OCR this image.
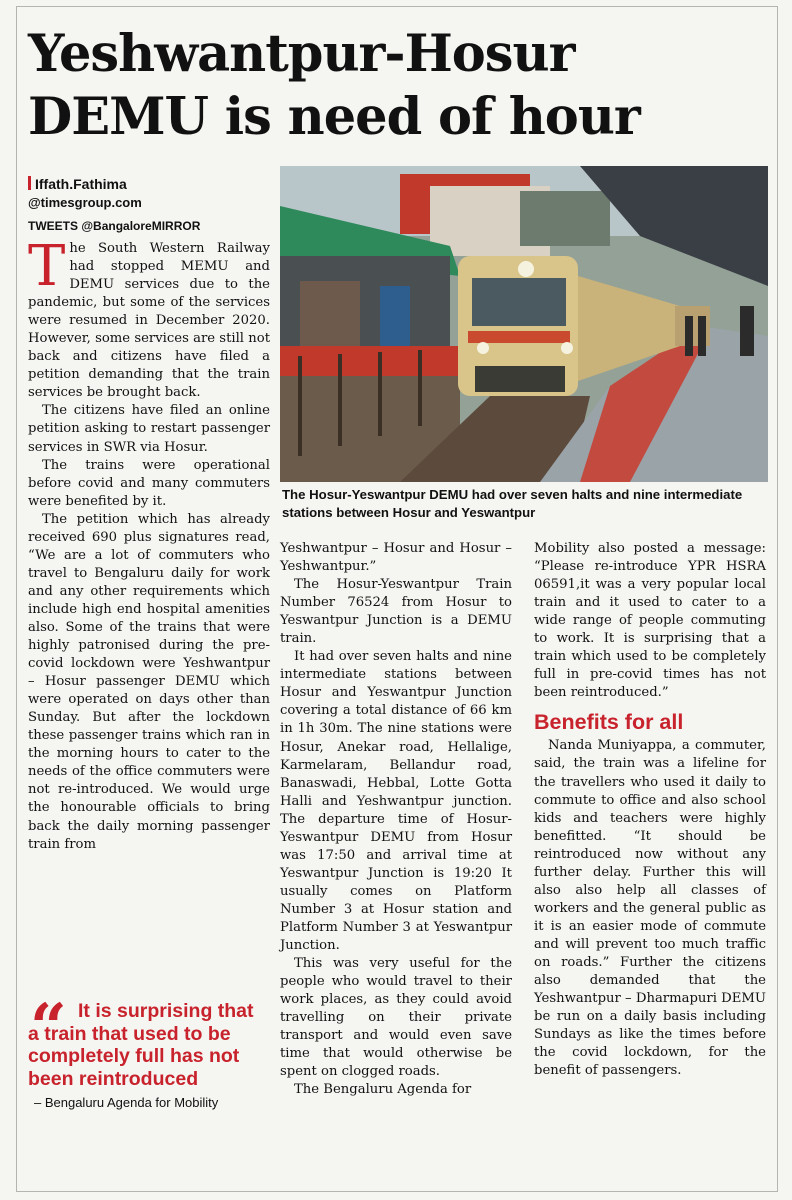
Yeshwantpur-Hosur
DEMU is need of hour
Iffath.Fathima
@timesgroup.com
TWEETS @BangaloreMIRROR
T he South Western Railway had stopped MEMU and DEMU services due to the pandemic, but some of the services were resumed in December 2020. However, some services are still not back and citizens have filed a petition demanding that the train services be brought back.

The citizens have filed an online petition asking to restart passenger services in SWR via Hosur.

The trains were operational before covid and many commuters were benefited by it.

The petition which has already received 690 plus signatures read, “We are a lot of commuters who travel to Bengaluru daily for work and any other requirements which include high end hospital amenities also. Some of the trains that were highly patronised during the pre-covid lockdown were Yeshwantpur – Hosur passenger DEMU which were operated on days other than Sunday. But after the lockdown these passenger trains which ran in the morning hours to cater to the needs of the office commuters were not re-introduced. We would urge the honourable officials to bring back the daily morning passenger train from

The Hosur-Yeswantpur DEMU had over seven halts and nine intermediate stations between Hosur and Yeswantpur

Yeshwantpur – Hosur and Hosur – Yeshwantpur.”

The Hosur-Yeswantpur Train Number 76524 from Hosur to Yeswantpur Junction is a DEMU train.

It had over seven halts and nine intermediate stations between Hosur and Yeswantpur Junction covering a total distance of 66 km in 1h 30m. The nine stations were Hosur, Anekar road, Hellalige, Karmelaram, Bellandur road, Banaswadi, Hebbal, Lotte Gotta Halli and Yeshwantpur junction. The departure time of Hosur-Yeswantpur DEMU from Hosur was 17:50 and arrival time at Yeswantpur Junction is 19:20 It usually comes on Platform Number 3 at Hosur station and Platform Number 3 at Yeswantpur Junction.

This was very useful for the people who would travel to their work places, as they could avoid travelling on their private transport and would even save time that would otherwise be spent on clogged roads.

The Bengaluru Agenda for

Mobility also posted a message: “Please re-introduce YPR HSRA 06591,it was a very popular local train and it used to cater to a wide range of people commuting to work. It is surprising that a train which used to be completely full in pre-covid times has not been reintroduced.”

Benefits for all

Nanda Muniyappa, a commuter, said, the train was a lifeline for the travellers who used it daily to commute to office and also school kids and teachers were highly benefitted. “It should be reintroduced now without any further delay. Further this will also also help all classes of workers and the general public as it is an easier mode of commute and will prevent too much traffic on roads.” Further the citizens also demanded that the Yeshwantpur – Dharmapuri DEMU be run on a daily basis including Sundays as like the times before the covid lockdown, for the benefit of passengers.

“ It is surprising that a train that used to be completely full has not been reintroduced

– Bengaluru Agenda for Mobility
